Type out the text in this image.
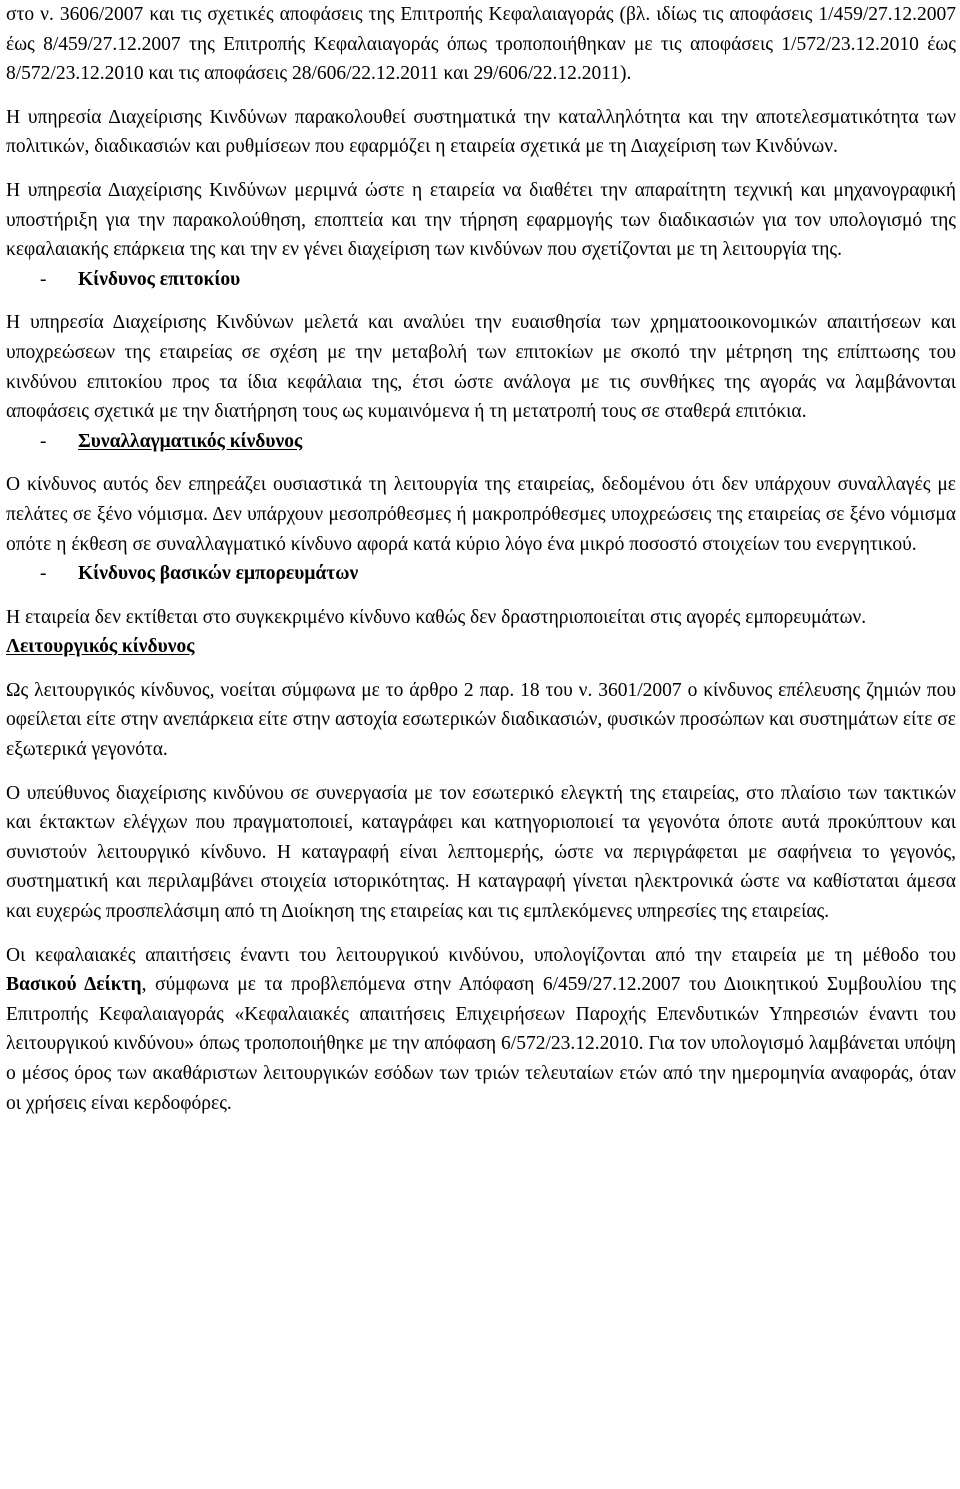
στο ν. 3606/2007 και τις σχετικές αποφάσεις της Επιτροπής Κεφαλαιαγοράς (βλ. ιδίως τις αποφάσεις 1/459/27.12.2007 έως 8/459/27.12.2007 της Επιτροπής Κεφαλαιαγοράς όπως τροποποιήθηκαν με τις αποφάσεις 1/572/23.12.2010 έως 8/572/23.12.2010 και τις αποφάσεις 28/606/22.12.2011 και 29/606/22.12.2011).

Η υπηρεσία Διαχείρισης Κινδύνων παρακολουθεί συστηματικά την καταλληλότητα και την αποτελεσματικότητα των πολιτικών, διαδικασιών και ρυθμίσεων που εφαρμόζει η εταιρεία σχετικά με τη Διαχείριση των Κινδύνων.

Η υπηρεσία Διαχείρισης Κινδύνων μεριμνά ώστε η εταιρεία να διαθέτει την απαραίτητη τεχνική και μηχανογραφική υποστήριξη για την παρακολούθηση, εποπτεία και την τήρηση εφαρμογής των διαδικασιών για τον υπολογισμό της κεφαλαιακής επάρκεια της και την εν γένει διαχείριση των κινδύνων που σχετίζονται με τη λειτουργία της.

- Κίνδυνος επιτοκίου

Η υπηρεσία Διαχείρισης Κινδύνων μελετά και αναλύει την ευαισθησία των χρηματοοικονομικών απαιτήσεων και υποχρεώσεων της εταιρείας σε σχέση με την μεταβολή των επιτοκίων με σκοπό την μέτρηση της επίπτωσης του κινδύνου επιτοκίου προς τα ίδια κεφάλαια της, έτσι ώστε ανάλογα με τις συνθήκες της αγοράς να λαμβάνονται αποφάσεις σχετικά με την διατήρηση τους ως κυμαινόμενα ή τη μετατροπή τους σε σταθερά επιτόκια.

- Συναλλαγματικός κίνδυνος

Ο κίνδυνος αυτός δεν επηρεάζει ουσιαστικά τη λειτουργία της εταιρείας, δεδομένου ότι δεν υπάρχουν συναλλαγές με πελάτες σε ξένο νόμισμα. Δεν υπάρχουν μεσοπρόθεσμες ή μακροπρόθεσμες υποχρεώσεις της εταιρείας σε ξένο νόμισμα οπότε η έκθεση σε συναλλαγματικό κίνδυνο αφορά κατά κύριο λόγο ένα μικρό ποσοστό στοιχείων του ενεργητικού.

- Κίνδυνος βασικών εμπορευμάτων

Η εταιρεία δεν εκτίθεται στο συγκεκριμένο κίνδυνο καθώς δεν δραστηριοποιείται στις αγορές εμπορευμάτων.

Λειτουργικός κίνδυνος

Ως λειτουργικός κίνδυνος, νοείται σύμφωνα με το άρθρο 2 παρ. 18 του ν. 3601/2007 ο κίνδυνος επέλευσης ζημιών που οφείλεται είτε στην ανεπάρκεια είτε στην αστοχία εσωτερικών διαδικασιών, φυσικών προσώπων και συστημάτων είτε σε εξωτερικά γεγονότα.

Ο υπεύθυνος διαχείρισης κινδύνου σε συνεργασία με τον εσωτερικό ελεγκτή της εταιρείας, στο πλαίσιο των τακτικών και έκτακτων ελέγχων που πραγματοποιεί, καταγράφει και κατηγοριοποιεί τα γεγονότα όποτε αυτά προκύπτουν και συνιστούν λειτουργικό κίνδυνο. Η καταγραφή είναι λεπτομερής, ώστε να περιγράφεται με σαφήνεια το γεγονός, συστηματική και περιλαμβάνει στοιχεία ιστορικότητας. Η καταγραφή γίνεται ηλεκτρονικά ώστε να καθίσταται άμεσα και ευχερώς προσπελάσιμη από τη Διοίκηση της εταιρείας και τις εμπλεκόμενες υπηρεσίες της εταιρείας.

Οι κεφαλαιακές απαιτήσεις έναντι του λειτουργικού κινδύνου, υπολογίζονται από την εταιρεία με τη μέθοδο του Βασικού Δείκτη, σύμφωνα με τα προβλεπόμενα στην Απόφαση 6/459/27.12.2007 του Διοικητικού Συμβουλίου της Επιτροπής Κεφαλαιαγοράς «Κεφαλαιακές απαιτήσεις Επιχειρήσεων Παροχής Επενδυτικών Υπηρεσιών έναντι του λειτουργικού κινδύνου» όπως τροποποιήθηκε με την απόφαση 6/572/23.12.2010. Για τον υπολογισμό λαμβάνεται υπόψη ο μέσος όρος των ακαθάριστων λειτουργικών εσόδων των τριών τελευταίων ετών από την ημερομηνία αναφοράς, όταν οι χρήσεις είναι κερδοφόρες.
